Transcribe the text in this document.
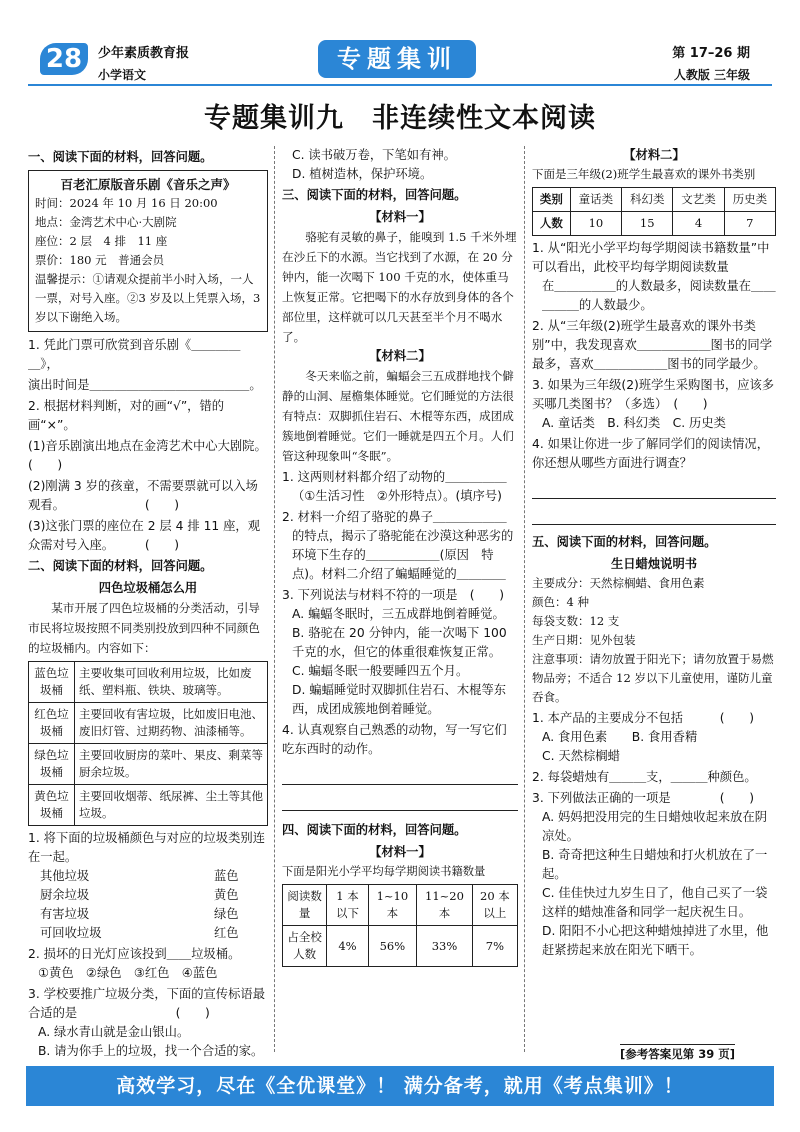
28	少年素质教育报
小学语文
专题集训	第 17–26 期
人教版 三年级
专题集训九　非连续性文本阅读
一、阅读下面的材料，回答问题。
百老汇原版音乐剧《音乐之声》
时间：2024 年 10 月 16 日 20:00
地点：金湾艺术中心·大剧院
座位：2 层　4 排　11 座
票价：180 元　普通会员
温馨提示：①请观众提前半小时入场，一人一票，对号入座。②3 岁及以上凭票入场，3 岁以下谢绝入场。
1. 凭此门票可欣赏到音乐剧《＿＿＿＿＿》，
演出时间是＿＿＿＿＿＿＿＿＿＿＿＿＿。
2. 根据材料判断，对的画“√”，错的画“×”。
(1)音乐剧演出地点在金湾艺术中心大剧院。　　　　　　　　(　　)
(2)刚满 3 岁的孩童，不需要票就可以入场观看。　　　　　　　(　　)
(3)这张门票的座位在 2 层 4 排 11 座，观众需对号入座。　　　(　　)
二、阅读下面的材料，回答问题。
四色垃圾桶怎么用
某市开展了四色垃圾桶的分类活动，引导市民将垃圾按照不同类别投放到四种不同颜色的垃圾桶内。内容如下：
蓝色垃圾桶	主要收集可回收利用垃圾，比如废纸、塑料瓶、铁块、玻璃等。
红色垃圾桶	主要回收有害垃圾，比如废旧电池、废旧灯管、过期药物、油漆桶等。
绿色垃圾桶	主要回收厨房的菜叶、果皮、剩菜等厨余垃圾。
黄色垃圾桶	主要回收烟蒂、纸尿裤、尘土等其他垃圾。
1. 将下面的垃圾桶颜色与对应的垃圾类别连在一起。
其他垃圾	蓝色
厨余垃圾	黄色
有害垃圾	绿色
可回收垃圾	红色
2. 损坏的日光灯应该投到＿＿垃圾桶。
①黄色　②绿色　③红色　④蓝色
3. 学校要推广垃圾分类，下面的宣传标语最合适的是　　　　　　　　(　　)
A. 绿水青山就是金山银山。
B. 请为你手上的垃圾，找一个合适的家。
C. 读书破万卷，下笔如有神。
D. 植树造林，保护环境。
三、阅读下面的材料，回答问题。
【材料一】
骆驼有灵敏的鼻子，能嗅到 1.5 千米外埋在沙丘下的水源。当它找到了水源，在 20 分钟内，能一次喝下 100 千克的水，使体重马上恢复正常。它把喝下的水存放到身体的各个部位里，这样就可以几天甚至半个月不喝水了。
【材料二】
冬天来临之前，蝙蝠会三五成群地找个僻静的山洞、屋檐集体睡觉。它们睡觉的方法很有特点：双脚抓住岩石、木棍等东西，成团成簇地倒着睡觉。它们一睡就是四五个月。人们管这种现象叫“冬眠”。
1. 这两则材料都介绍了动物的＿＿＿＿＿
（①生活习性　②外形特点）。(填序号)
2. 材料一介绍了骆驼的鼻子＿＿＿＿＿＿
的特点，揭示了骆驼能在沙漠这种恶劣的
环境下生存的＿＿＿＿＿＿(原因　特
点)。材料二介绍了蝙蝠睡觉的＿＿＿＿
3. 下列说法与材料不符的一项是　(　　)
A. 蝙蝠冬眠时，三五成群地倒着睡觉。
B. 骆驼在 20 分钟内，能一次喝下 100 千克的水，但它的体重很难恢复正常。
C. 蝙蝠冬眠一般要睡四五个月。
D. 蝙蝠睡觉时双脚抓住岩石、木棍等东西，成团成簇地倒着睡觉。
4. 认真观察自己熟悉的动物，写一写它们吃东西时的动作。
四、阅读下面的材料，回答问题。
【材料一】
下面是阳光小学平均每学期阅读书籍数量
阅读数量	1 本以下	1~10 本	11~20 本	20 本以上
占全校人数	4%	56%	33%	7%
【材料二】
下面是三年级(2)班学生最喜欢的课外书类别
类别	童话类	科幻类	文艺类	历史类
人数	10	15	4	7
1. 从“阳光小学平均每学期阅读书籍数量”中可以看出，此校平均每学期阅读数量
在＿＿＿＿＿的人数最多，阅读数量在＿＿＿＿＿的人数最少。
2. 从“三年级(2)班学生最喜欢的课外书类别”中，我发现喜欢＿＿＿＿＿＿图书的同学最多，喜欢＿＿＿＿＿＿图书的同学最少。
3. 如果为三年级(2)班学生采购图书，应该多买哪几类图书？（多选）　(　　)
A. 童话类　B. 科幻类　C. 历史类
4. 如果让你进一步了解同学们的阅读情况，你还想从哪些方面进行调查？
五、阅读下面的材料，回答问题。
生日蜡烛说明书
主要成分：天然棕榈蜡、食用色素
颜色：4 种
每袋支数：12 支
生产日期：见外包装
注意事项：请勿放置于阳光下；请勿放置于易燃物品旁；不适合 12 岁以下儿童使用，谨防儿童吞食。
1. 本产品的主要成分不包括　　　(　　)
A. 食用色素　　B. 食用香精
C. 天然棕榈蜡
2. 每袋蜡烛有＿＿＿支，＿＿＿种颜色。
3. 下列做法正确的一项是　　　　(　　)
A. 妈妈把没用完的生日蜡烛收起来放在阴凉处。
B. 奇奇把这种生日蜡烛和打火机放在了一起。
C. 佳佳快过九岁生日了，他自己买了一袋这样的蜡烛准备和同学一起庆祝生日。
D. 阳阳不小心把这种蜡烛掉进了水里，他赶紧捞起来放在阳光下晒干。
[参考答案见第 39 页]
高效学习，尽在《全优课堂》！ 满分备考，就用《考点集训》！
